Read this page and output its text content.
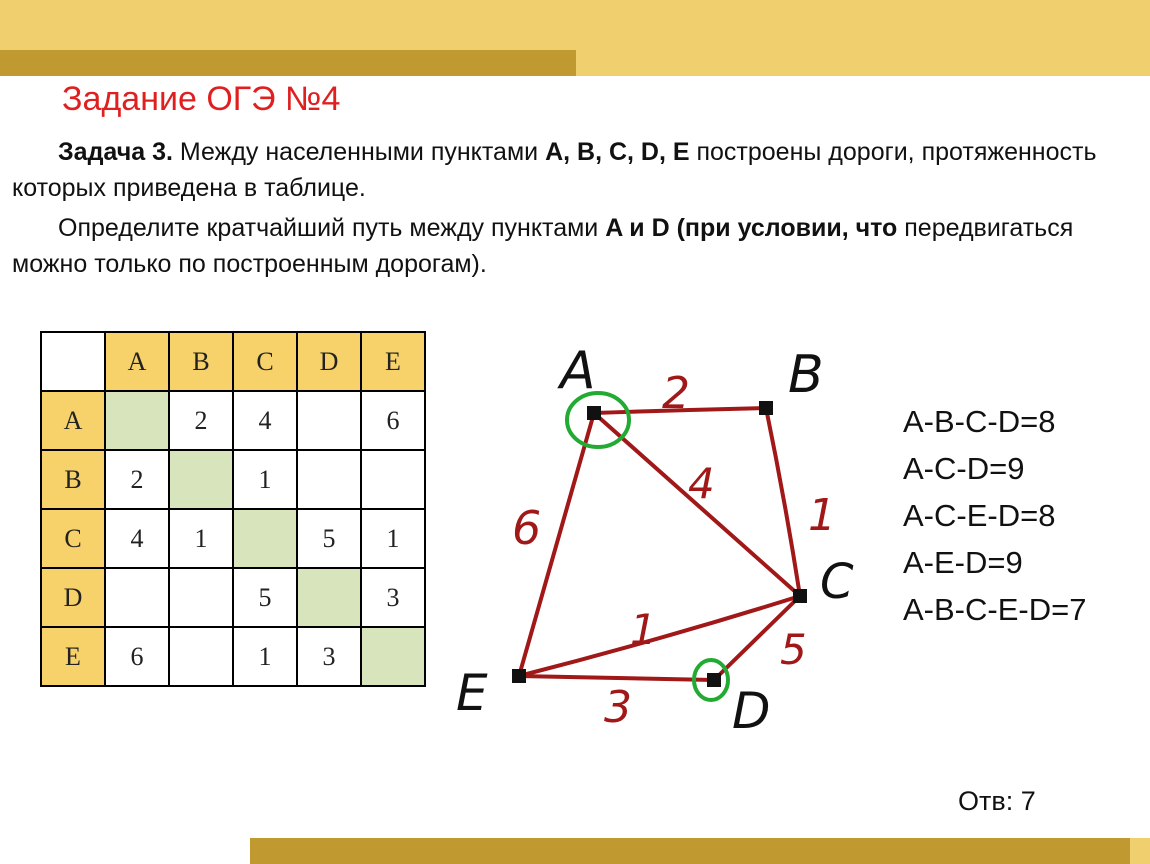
Задание ОГЭ №4

Задача 3. Между населенными пунктами A, B, C, D, E построены дороги, протяженность которых приведена в таблице.

Определите кратчайший путь между пунктами A и D (при условии, что передвигаться можно только по построенным дорогам).

	A	B	C	D	E
A		2	4		6
B	2		1		
C	4	1		5	1
D			5		3
E	6		1	3	
A	B
C
E	D
2
4
1
6
1	5
3
A-B-C-D=8
A-C-D=9
A-C-E-D=8
A-E-D=9
A-B-C-E-D=7
Отв: 7
